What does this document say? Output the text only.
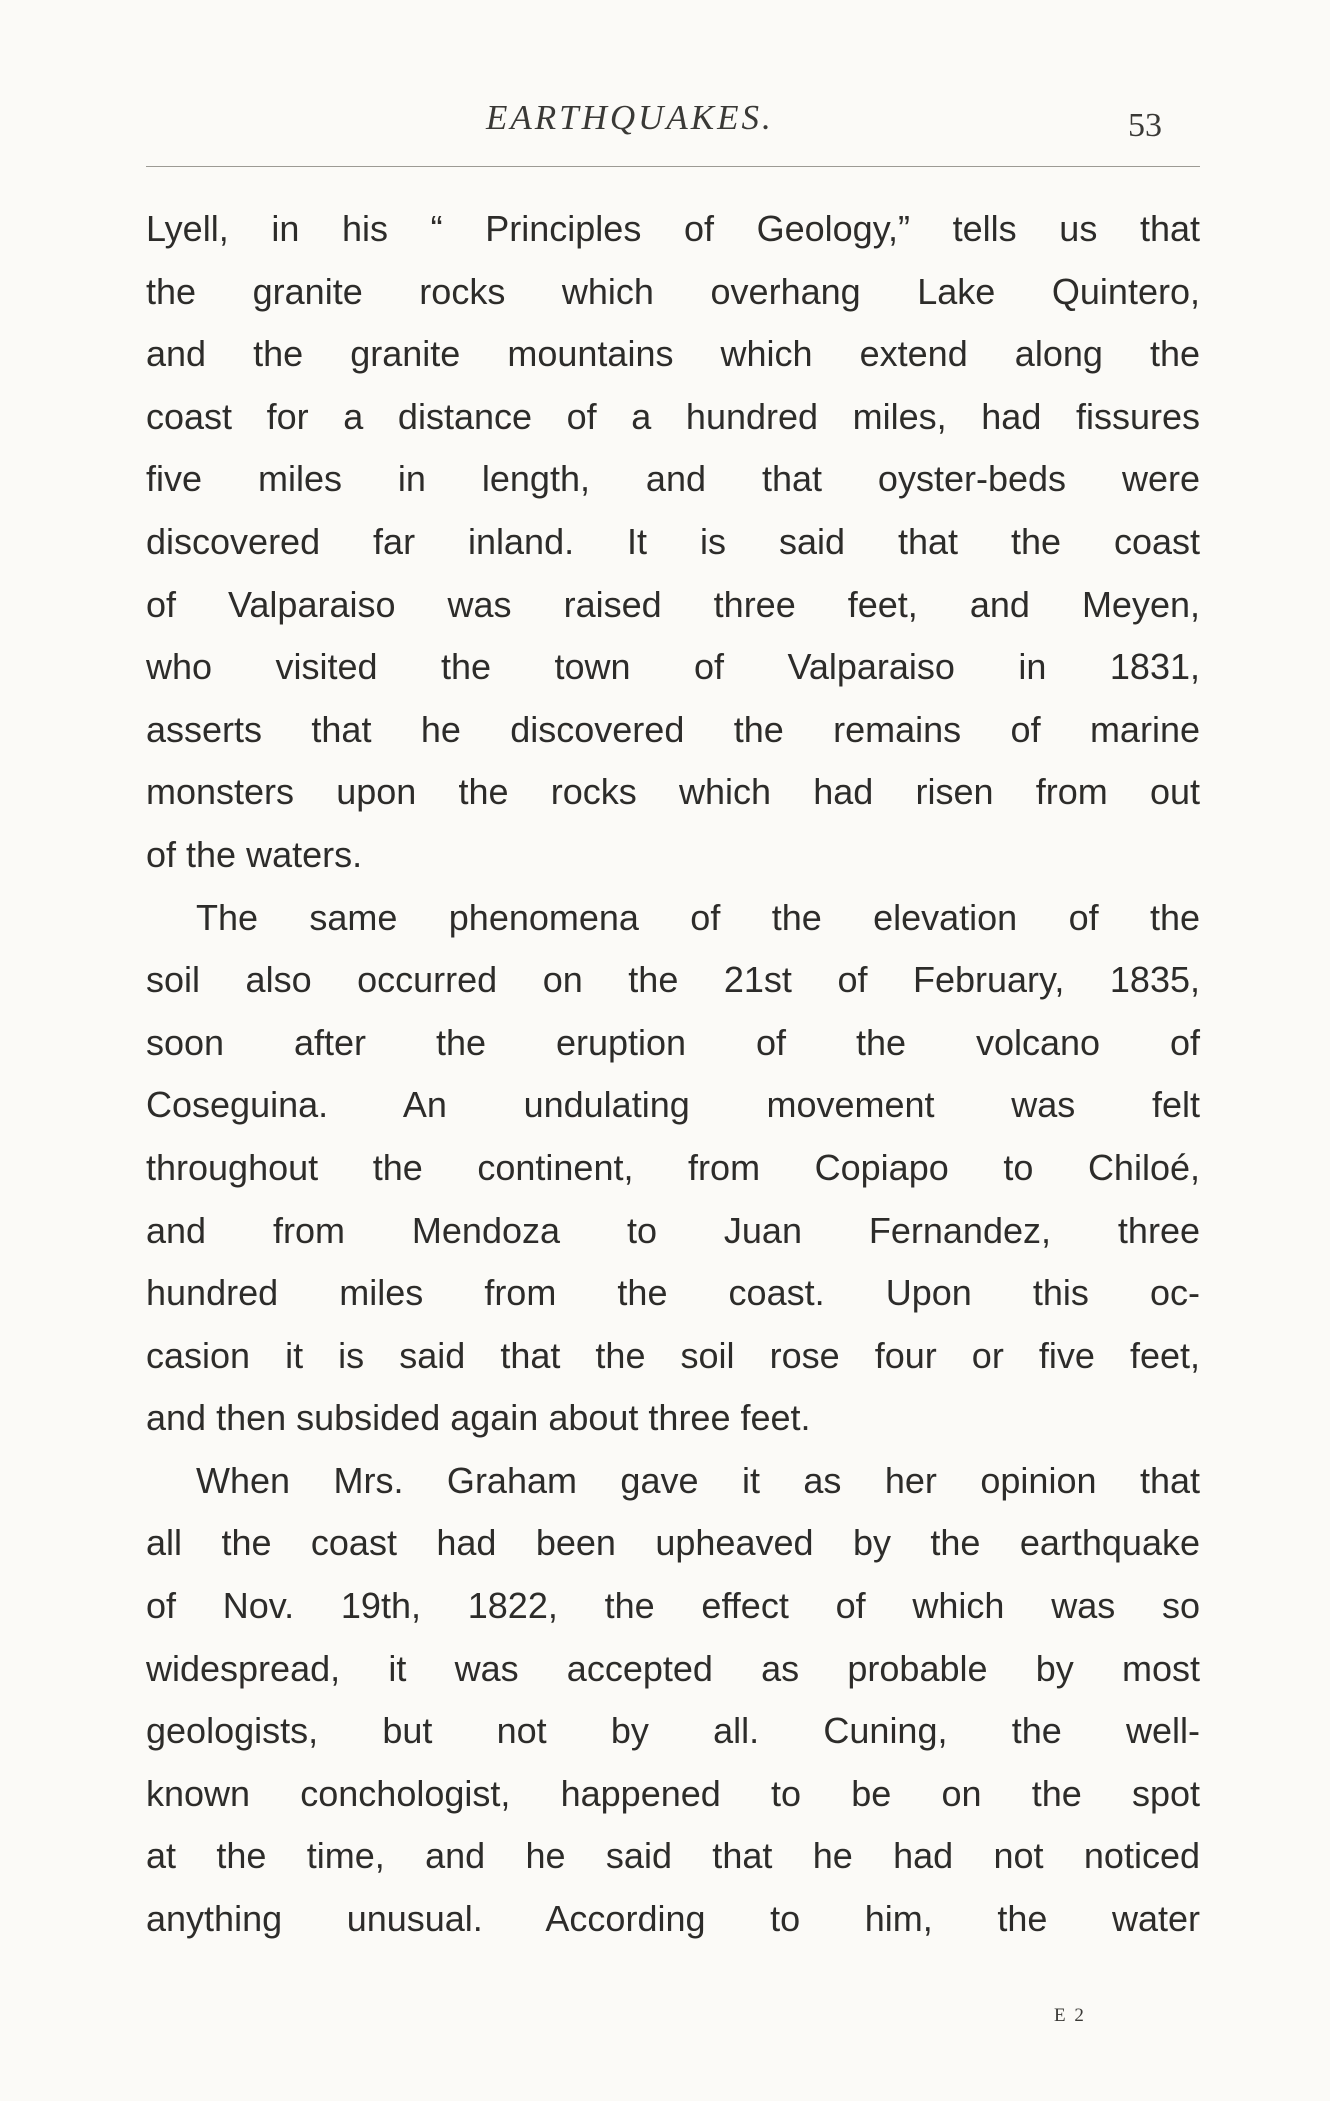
EARTHQUAKES.	53
Lyell, in his “ Principles of Geology,” tells us that
the granite rocks which overhang Lake Quintero,
and the granite mountains which extend along the
coast for a distance of a hundred miles, had fissures
five miles in length, and that oyster-beds were
discovered far inland. It is said that the coast
of Valparaiso was raised three feet, and Meyen,
who visited the town of Valparaiso in 1831,
asserts that he discovered the remains of marine
monsters upon the rocks which had risen from out
of the waters.
The same phenomena of the elevation of the
soil also occurred on the 21st of February, 1835,
soon after the eruption of the volcano of
Coseguina. An undulating movement was felt
throughout the continent, from Copiapo to Chiloé,
and from Mendoza to Juan Fernandez, three
hundred miles from the coast. Upon this oc-
casion it is said that the soil rose four or five feet,
and then subsided again about three feet.
When Mrs. Graham gave it as her opinion that
all the coast had been upheaved by the earthquake
of Nov. 19th, 1822, the effect of which was so
widespread, it was accepted as probable by most
geologists, but not by all. Cuning, the well-
known conchologist, happened to be on the spot
at the time, and he said that he had not noticed
anything unusual. According to him, the water
E 2
